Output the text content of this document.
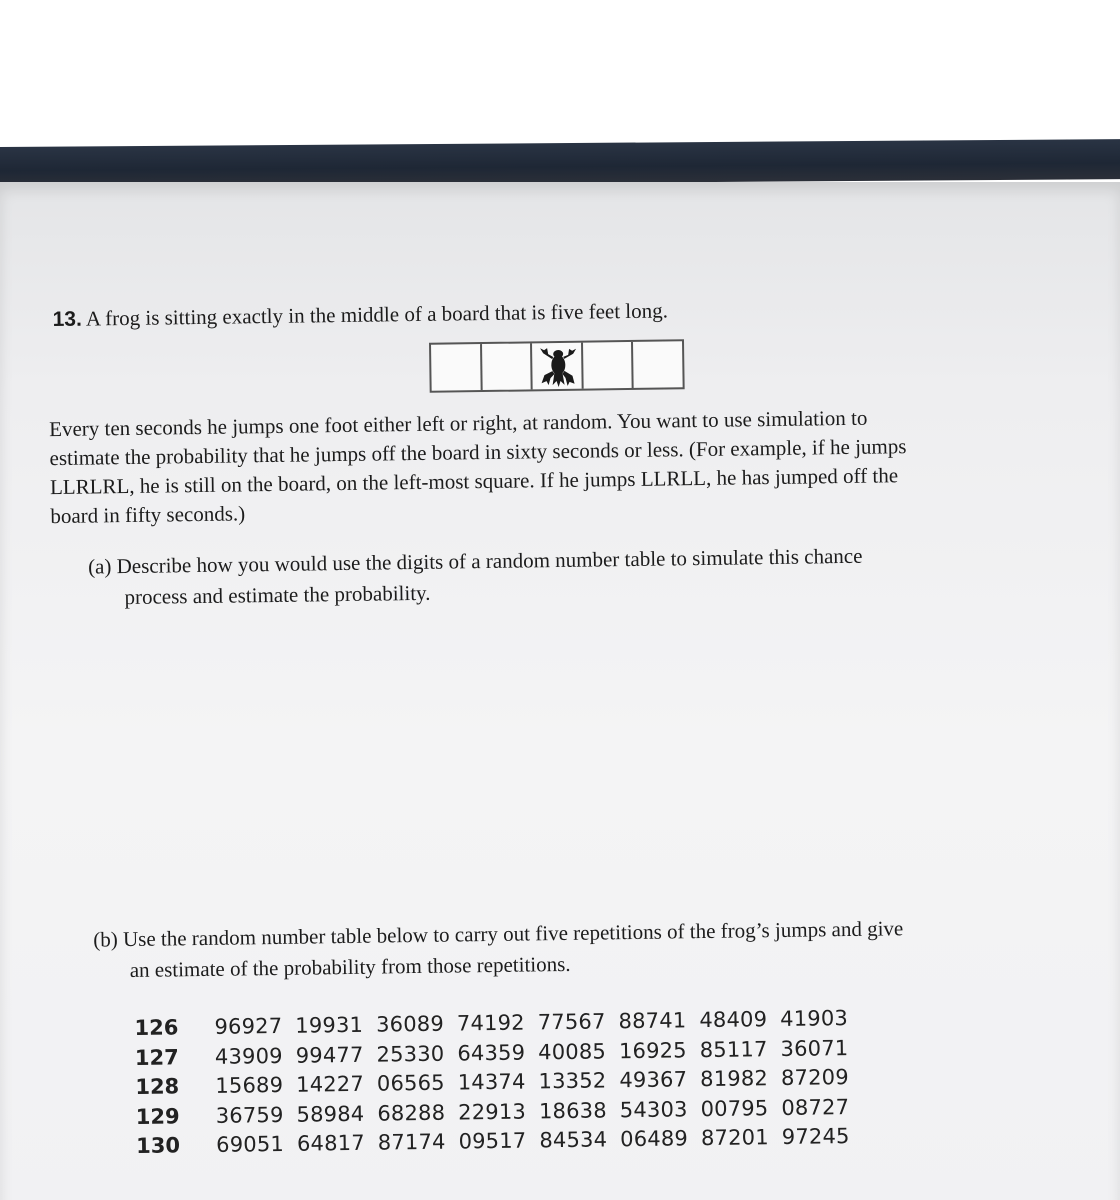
13. A frog is sitting exactly in the middle of a board that is five feet long.
Every ten seconds he jumps one foot either left or right, at random. You want to use simulation to
estimate the probability that he jumps off the board in sixty seconds or less. (For example, if he jumps
LLRLRL, he is still on the board, on the left-most square. If he jumps LLRLL, he has jumped off the
board in fifty seconds.)
(a) Describe how you would use the digits of a random number table to simulate this chance
process and estimate the probability.
(b) Use the random number table below to carry out five repetitions of the frog’s jumps and give
an estimate of the probability from those repetitions.
126	96927 19931 36089 74192 77567 88741 48409 41903
127	43909 99477 25330 64359 40085 16925 85117 36071
128	15689 14227 06565 14374 13352 49367 81982 87209
129	36759 58984 68288 22913 18638 54303 00795 08727
130	69051 64817 87174 09517 84534 06489 87201 97245
